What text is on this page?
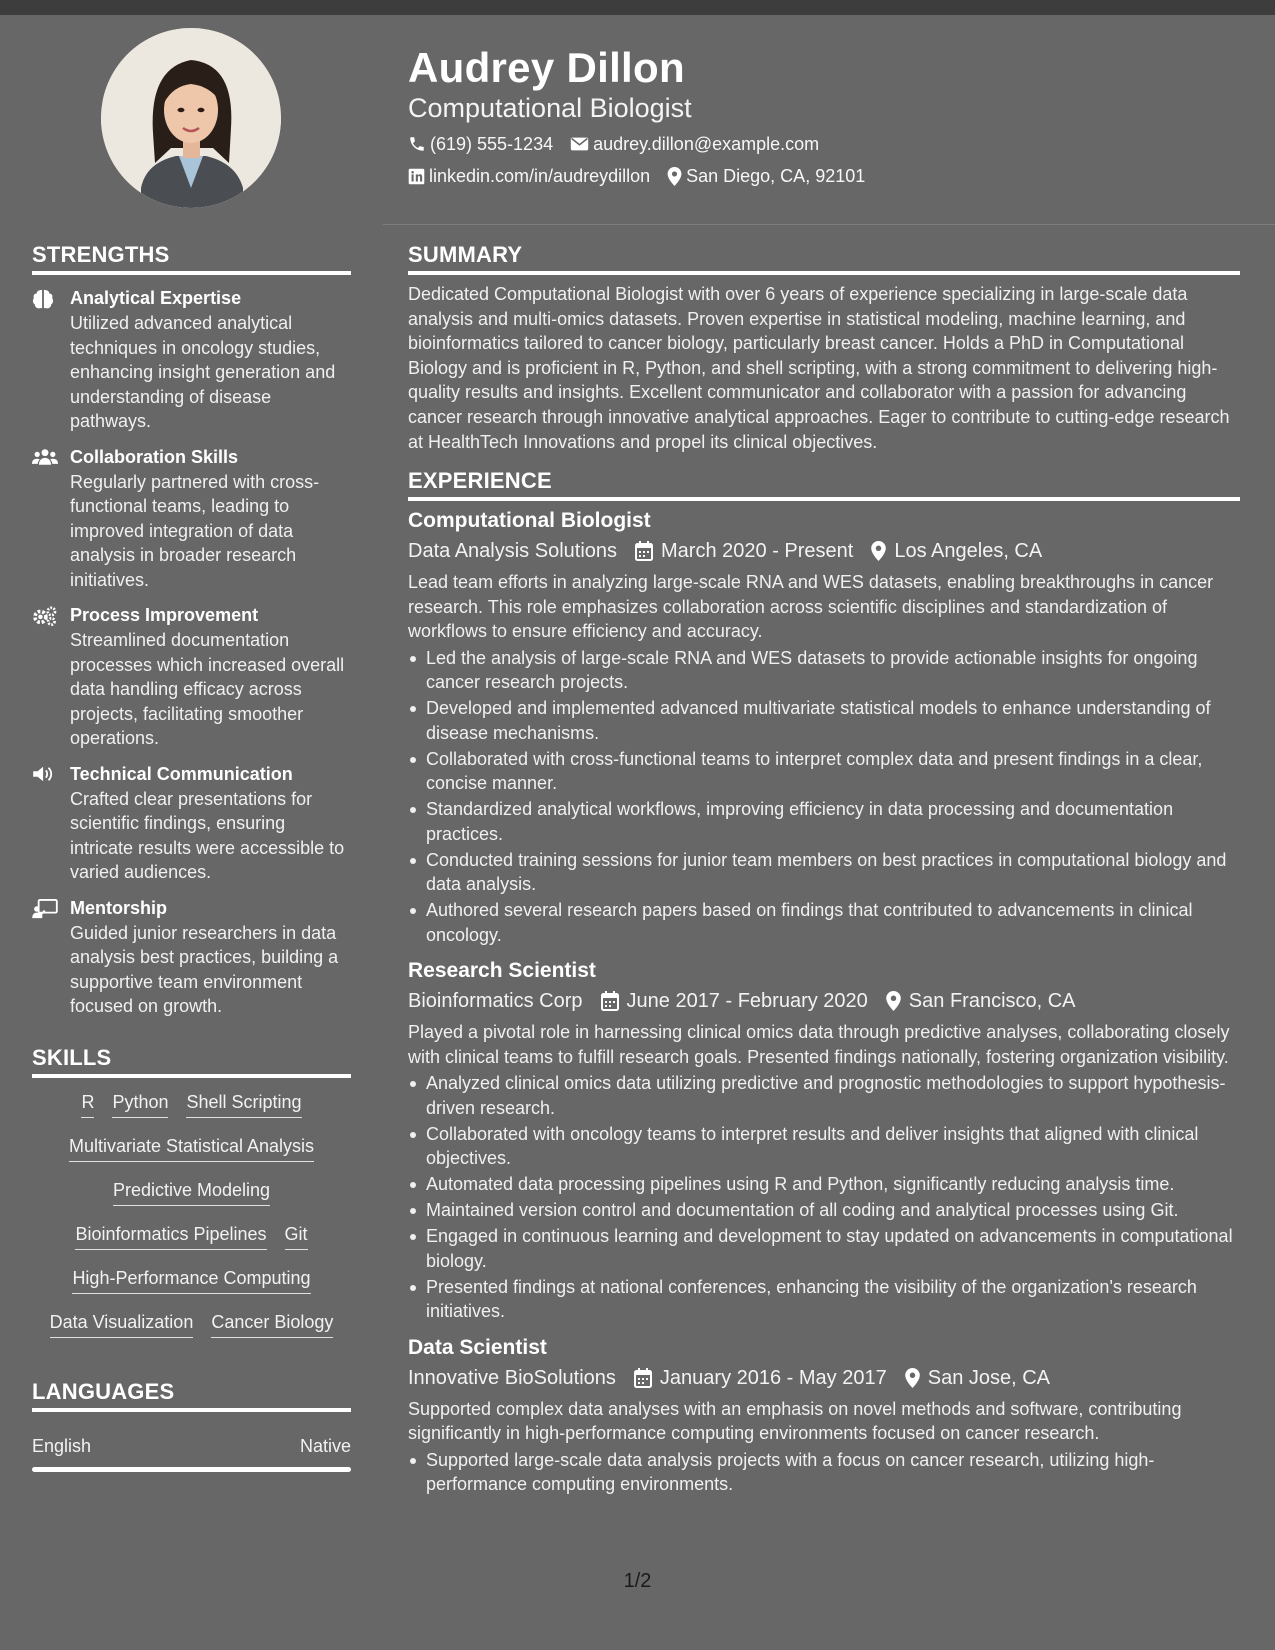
Audrey Dillon
Computational Biologist
(619) 555-1234 audrey.dillon@example.com
linkedin.com/in/audreydillon San Diego, CA, 92101
STRENGTHS
Analytical Expertise
Utilized advanced analytical techniques in oncology studies, enhancing insight generation and understanding of disease pathways.
Collaboration Skills
Regularly partnered with cross-functional teams, leading to improved integration of data analysis in broader research initiatives.
Process Improvement
Streamlined documentation processes which increased overall data handling efficacy across projects, facilitating smoother operations.
Technical Communication
Crafted clear presentations for scientific findings, ensuring intricate results were accessible to varied audiences.
Mentorship
Guided junior researchers in data analysis best practices, building a supportive team environment focused on growth.
SKILLS
R Python Shell Scripting
Multivariate Statistical Analysis
Predictive Modeling
Bioinformatics Pipelines Git
High-Performance Computing
Data Visualization Cancer Biology
LANGUAGES
English	Native
SUMMARY
Dedicated Computational Biologist with over 6 years of experience specializing in large-scale data analysis and multi-omics datasets. Proven expertise in statistical modeling, machine learning, and bioinformatics tailored to cancer biology, particularly breast cancer. Holds a PhD in Computational Biology and is proficient in R, Python, and shell scripting, with a strong commitment to delivering high-quality results and insights. Excellent communicator and collaborator with a passion for advancing cancer research through innovative analytical approaches. Eager to contribute to cutting-edge research at HealthTech Innovations and propel its clinical objectives.
EXPERIENCE
Computational Biologist
Data Analysis Solutions March 2020 - Present Los Angeles, CA
Lead team efforts in analyzing large-scale RNA and WES datasets, enabling breakthroughs in cancer research. This role emphasizes collaboration across scientific disciplines and standardization of workflows to ensure efficiency and accuracy.
Led the analysis of large-scale RNA and WES datasets to provide actionable insights for ongoing cancer research projects.
Developed and implemented advanced multivariate statistical models to enhance understanding of disease mechanisms.
Collaborated with cross-functional teams to interpret complex data and present findings in a clear, concise manner.
Standardized analytical workflows, improving efficiency in data processing and documentation practices.
Conducted training sessions for junior team members on best practices in computational biology and data analysis.
Authored several research papers based on findings that contributed to advancements in clinical oncology.
Research Scientist
Bioinformatics Corp June 2017 - February 2020 San Francisco, CA
Played a pivotal role in harnessing clinical omics data through predictive analyses, collaborating closely with clinical teams to fulfill research goals. Presented findings nationally, fostering organization visibility.
Analyzed clinical omics data utilizing predictive and prognostic methodologies to support hypothesis-driven research.
Collaborated with oncology teams to interpret results and deliver insights that aligned with clinical objectives.
Automated data processing pipelines using R and Python, significantly reducing analysis time.
Maintained version control and documentation of all coding and analytical processes using Git.
Engaged in continuous learning and development to stay updated on advancements in computational biology.
Presented findings at national conferences, enhancing the visibility of the organization's research initiatives.
Data Scientist
Innovative BioSolutions January 2016 - May 2017 San Jose, CA
Supported complex data analyses with an emphasis on novel methods and software, contributing significantly in high-performance computing environments focused on cancer research.
Supported large-scale data analysis projects with a focus on cancer research, utilizing high-performance computing environments.
1/2
